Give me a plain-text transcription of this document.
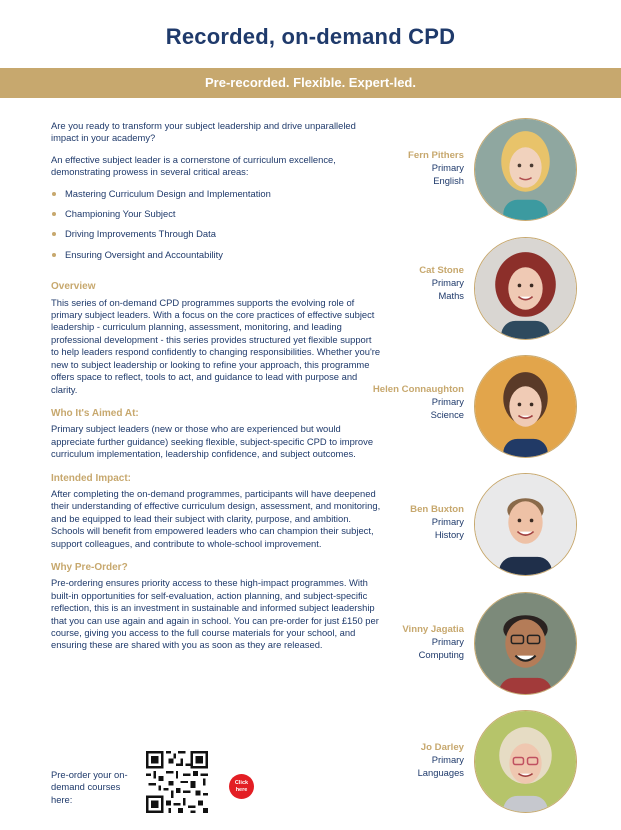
Recorded, on-demand CPD
Pre-recorded. Flexible. Expert-led.

Are you ready to transform your subject leadership and drive unparalleled impact in your academy?

An effective subject leader is a cornerstone of curriculum excellence, demonstrating prowess in several critical areas:

Mastering Curriculum Design and Implementation
Championing Your Subject
Driving Improvements Through Data
Ensuring Oversight and Accountability
Overview
This series of on-demand CPD programmes supports the evolving role of primary subject leaders. With a focus on the core practices of effective subject leadership - curriculum planning, assessment, monitoring, and leading professional development - this series provides structured yet flexible support to help leaders respond confidently to changing responsibilities. Whether you're new to subject leadership or looking to refine your approach, this programme offers space to reflect, tools to act, and guidance to lead with purpose and clarity.
Who It's Aimed At:
Primary subject leaders (new or those who are experienced but would appreciate further guidance) seeking flexible, subject-specific CPD to improve curriculum implementation, leadership confidence, and subject outcomes.
Intended Impact:
After completing the on-demand programmes, participants will have deepened their understanding of effective curriculum design, assessment, and monitoring, and be equipped to lead their subject with clarity, purpose, and ambition. Schools will benefit from empowered leaders who can champion their subject, support colleagues, and contribute to whole-school improvement.
Why Pre-Order?
Pre-ordering ensures priority access to these high-impact programmes. With built-in opportunities for self-evaluation, action planning, and subject-specific reflection, this is an investment in sustainable and informed subject leadership that you can use again and again in school. You can pre-order for just £150 per course, giving you access to the full course materials for your school, and ensuring these are shared with you as soon as they are released.
Pre-order your on-demand courses here:
Click
here
Fern Pithers
Primary
English
Cat Stone
Primary
Maths
Helen Connaughton
Primary
Science
Ben Buxton
Primary
History
Vinny Jagatia
Primary
Computing
Jo Darley
Primary
Languages
